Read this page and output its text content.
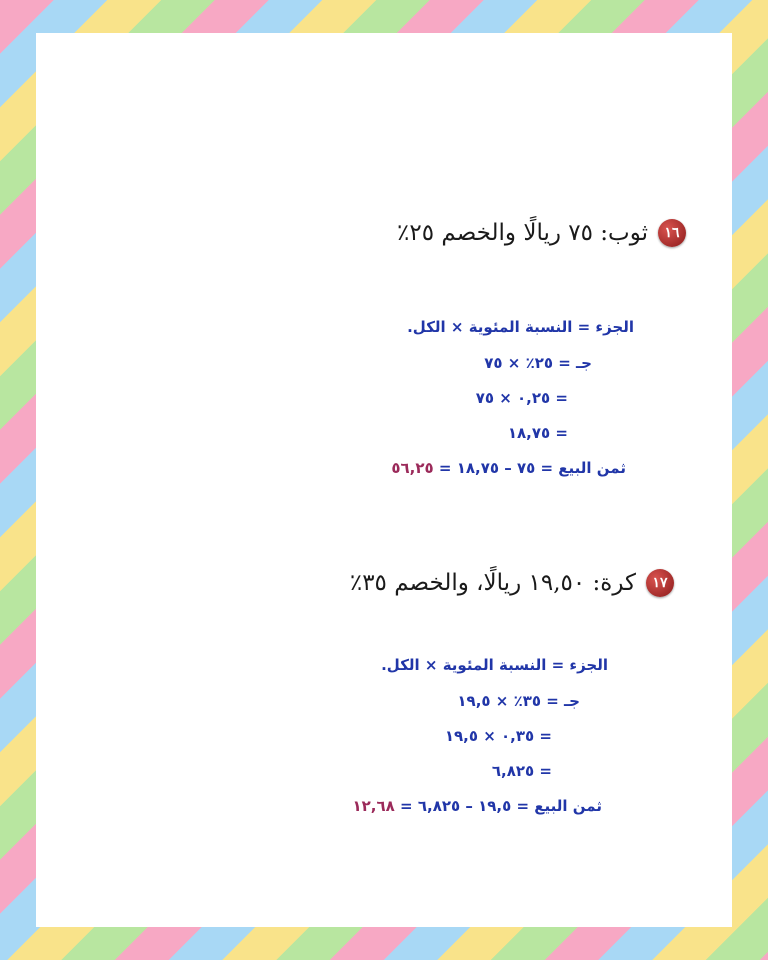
١٦
ثوب: ٧٥ ريالًا والخصم ٢٥٪
الجزء = النسبة المئوية × الكل.
جـ = ٢٥٪ × ٧٥
= ٠,٢٥ × ٧٥
= ١٨,٧٥
ثمن البيع = ٧٥ – ١٨,٧٥ = ٥٦,٢٥
١٧
كرة: ١٩,٥٠ ريالًا، والخصم ٣٥٪
الجزء = النسبة المئوية × الكل.
جـ = ٣٥٪ × ١٩,٥
= ٠,٣٥ × ١٩,٥
= ٦,٨٢٥
ثمن البيع = ١٩,٥ – ٦,٨٢٥ = ١٢,٦٨
